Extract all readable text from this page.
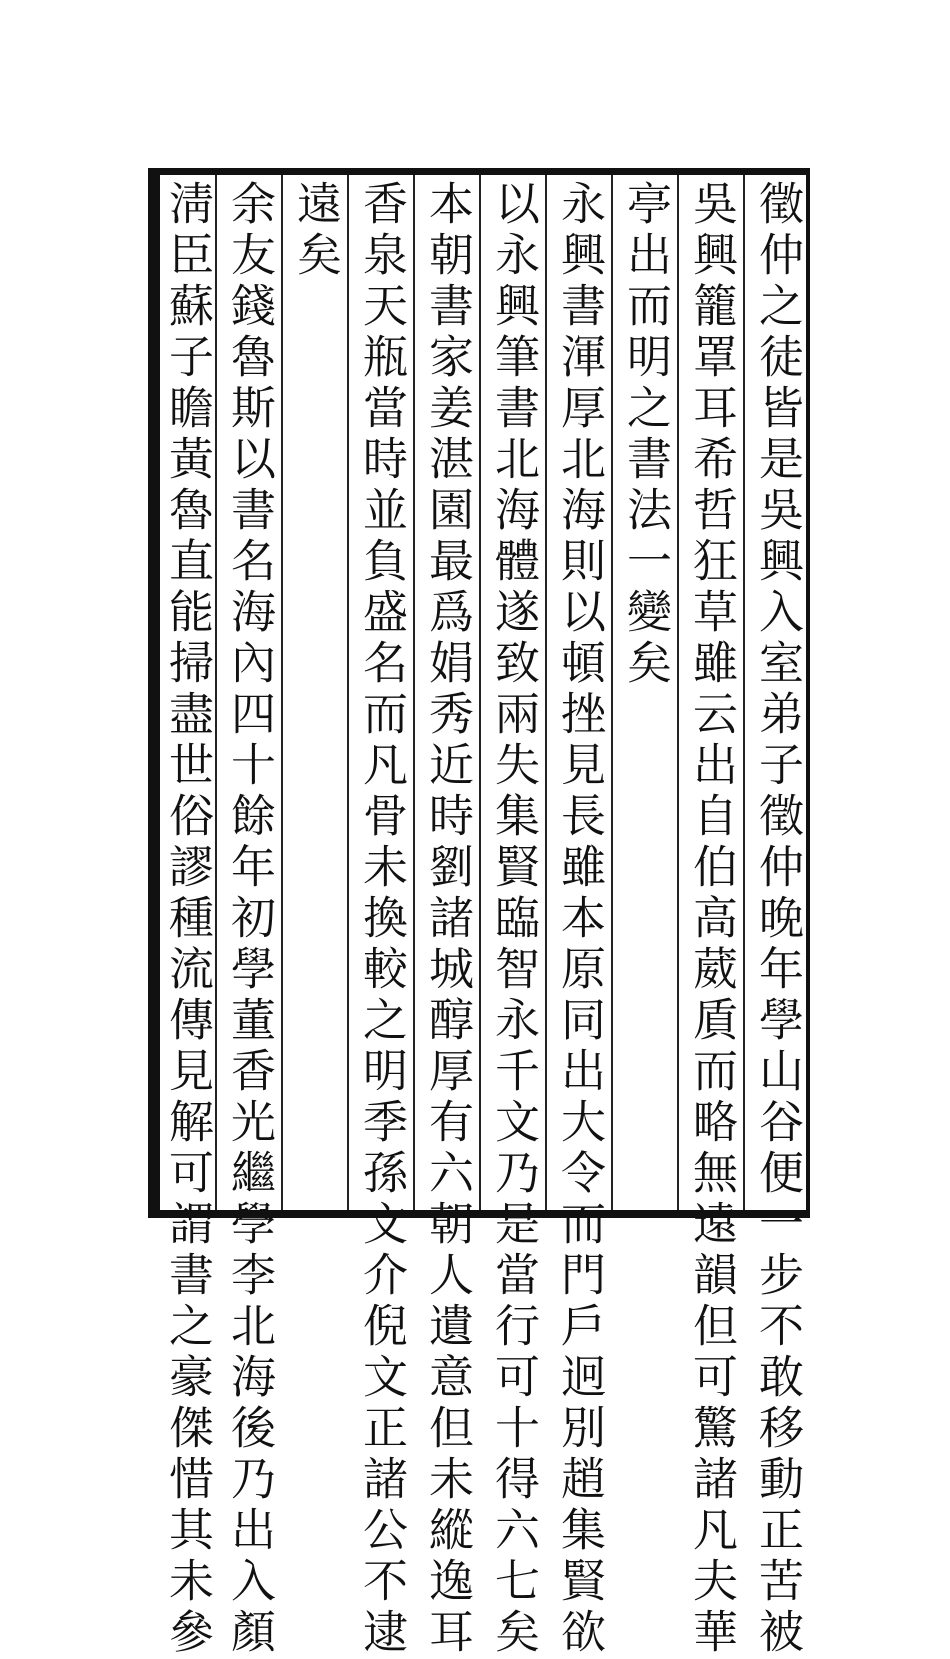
徵仲之徒皆是吳興入室弟子徵仲晚年學山谷便一步不敢移動正苦被
吳興籠罩耳希哲狂草雖云出自伯高葳貭而略無遠韻但可驚諸凡夫華
亭出而明之書法一變矣
永興書渾厚北海則以頓挫見長雖本原同出大令而門戶迥別趙集賢欲
以永興筆書北海體遂致兩失集賢臨智永千文乃是當行可十得六七矣
本朝書家姜湛園最爲娟秀近時劉諸城醇厚有六朝人遺意但未縱逸耳
香泉天瓶當時並負盛名而凡骨未換較之明季孫文介倪文正諸公不逮
遠矣
余友錢魯斯以書名海內四十餘年初學董香光繼學李北海後乃出入顏
淸臣蘇子瞻黃魯直能掃盡世俗謬種流傳見解可謂書之豪傑惜其未參
